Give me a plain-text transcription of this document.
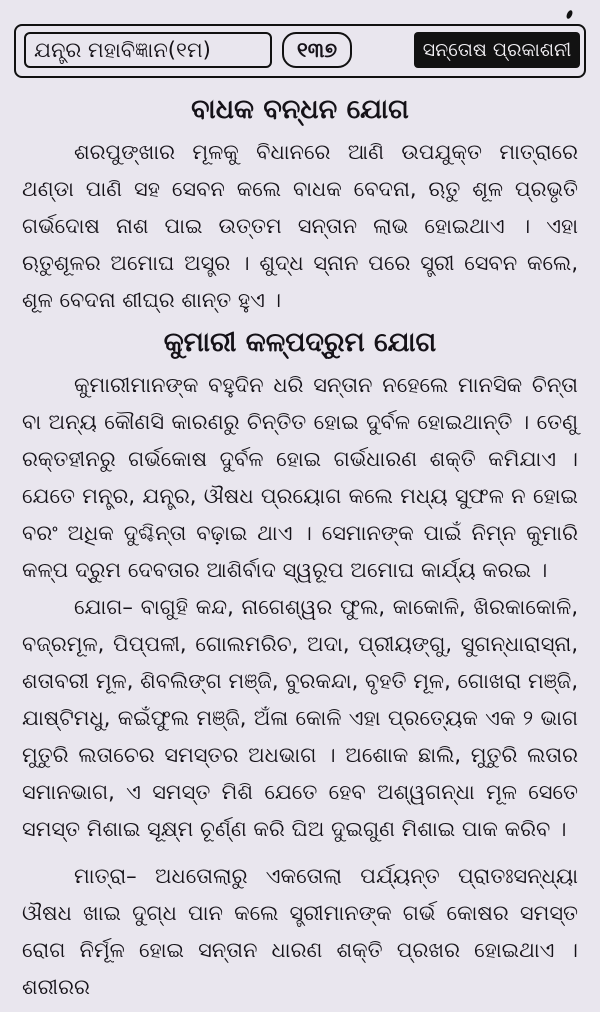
ଯନ୍ତ୍ର ମହାବିଜ୍ଞାନ(୧ମ)	୧୩୭	ସନ୍ତୋଷ ପ୍ରକାଶନୀ
ବାଧକ ବନ୍ଧନ ଯୋଗ

ଶରପୁଙ୍ଖାର ମୂଳକୁ ବିଧାନରେ ଆଣି ଉପଯୁକ୍ତ ମାତ୍ରାରେ ଥଣ୍ଡା ପାଣି ସହ ସେବନ କଲେ ବାଧକ ବେଦନା, ଋତୁ ଶୂଳ ପ୍ରଭୃତି ଗର୍ଭଦୋଷ ନାଶ ପାଇ ଉତ୍ତମ ସନ୍ତାନ ଲାଭ ହୋଇଥାଏ । ଏହା ଋତୁଶୂଳର ଅମୋଘ ଅସ୍ତ୍ର । ଶୁଦ୍ଧ ସ୍ନାନ ପରେ ସ୍ତ୍ରୀ ସେବନ କଲେ, ଶୂଳ ବେଦନା ଶୀଘ୍ର ଶାନ୍ତ ହୁଏ ।

କୁମାରୀ କଳ୍ପଦ୍ରୁମ ଯୋଗ

କୁମାରୀମାନଙ୍କ ବହୁଦିନ ଧରି ସନ୍ତାନ ନହେଲେ ମାନସିକ ଚିନ୍ତା ବା ଅନ୍ୟ କୌଣସି କାରଣରୁ ଚିନ୍ତିତ ହୋଇ ଦୁର୍ବଳ ହୋଇଥାନ୍ତି । ତେଣୁ ରକ୍ତହୀନରୁ ଗର୍ଭକୋଷ ଦୁର୍ବଳ ହୋଇ ଗର୍ଭଧାରଣ ଶକ୍ତି କମିଯାଏ । ଯେତେ ମନ୍ତ୍ର, ଯନ୍ତ୍ର, ଔଷଧ ପ୍ରୟୋଗ କଲେ ମଧ୍ୟ ସୁଫଳ ନ ହୋଇ ବରଂ ଅଧିକ ଦୁଶ୍ଚିନ୍ତା ବଢ଼ାଇ ଥାଏ । ସେମାନଙ୍କ ପାଇଁ ନିମ୍ନ କୁମାରି କଳ୍ପ ଦ୍ରୁମ ଦେବତାର ଆଶିର୍ବାଦ ସ୍ୱରୂପ ଅମୋଘ କାର୍ଯ୍ୟ କରଇ ।

ଯୋଗ– ବାଗୁହି କନ୍ଦ, ନାଗେଶ୍ୱର ଫୁଲ, କାକୋଳି, ଖିରକାକୋଳି, ବଜ୍ରମୂଳ, ପିପ୍ପଳୀ, ଗୋଲମରିଚ, ଅଦା, ପ୍ରୀୟଙ୍ଗୁ, ସୁଗନ୍ଧାରାସ୍ନା, ଶତାବରୀ ମୂଳ, ଶିବଲିଙ୍ଗ ମଞ୍ଜି, ବୁରକନ୍ଦା, ବୃହତି ମୂଳ, ଗୋଖରା ମଞ୍ଜି, ଯାଷ୍ଟିମଧୁ, କଇଁଫୁଲ ମଞ୍ଜି, ଅଁଳା କୋଳି ଏହା ପ୍ରତ୍ୟେକ ଏକ ୨ ଭାଗ ମୁତୁରି ଲତାଚେର ସମସ୍ତର ଅଧଭାଗ । ଅଶୋକ ଛାଲି, ମୁତୁରି ଲତାର ସମାନଭାଗ, ଏ ସମସ୍ତ ମିଶି ଯେତେ ହେବ ଅଶ୍ୱଗନ୍ଧା ମୂଳ ସେତେ ସମସ୍ତ ମିଶାଇ ସୂକ୍ଷ୍ମ ଚୂର୍ଣ୍ଣ କରି ଘିଅ ଦୁଇଗୁଣ ମିଶାଇ ପାକ କରିବ ।

ମାତ୍ରା– ଅଧତୋଲାରୁ ଏକତୋଲା ପର୍ଯ୍ୟନ୍ତ ପ୍ରାତଃସନ୍ଧ୍ୟା ଔଷଧ ଖାଇ ଦୁଗ୍ଧ ପାନ କଲେ ସ୍ତ୍ରୀମାନଙ୍କ ଗର୍ଭ କୋଷର ସମସ୍ତ ରୋଗ ନିର୍ମୂଳ ହୋଇ ସନ୍ତାନ ଧାରଣ ଶକ୍ତି ପ୍ରଖର ହୋଇଥାଏ । ଶରୀରର
